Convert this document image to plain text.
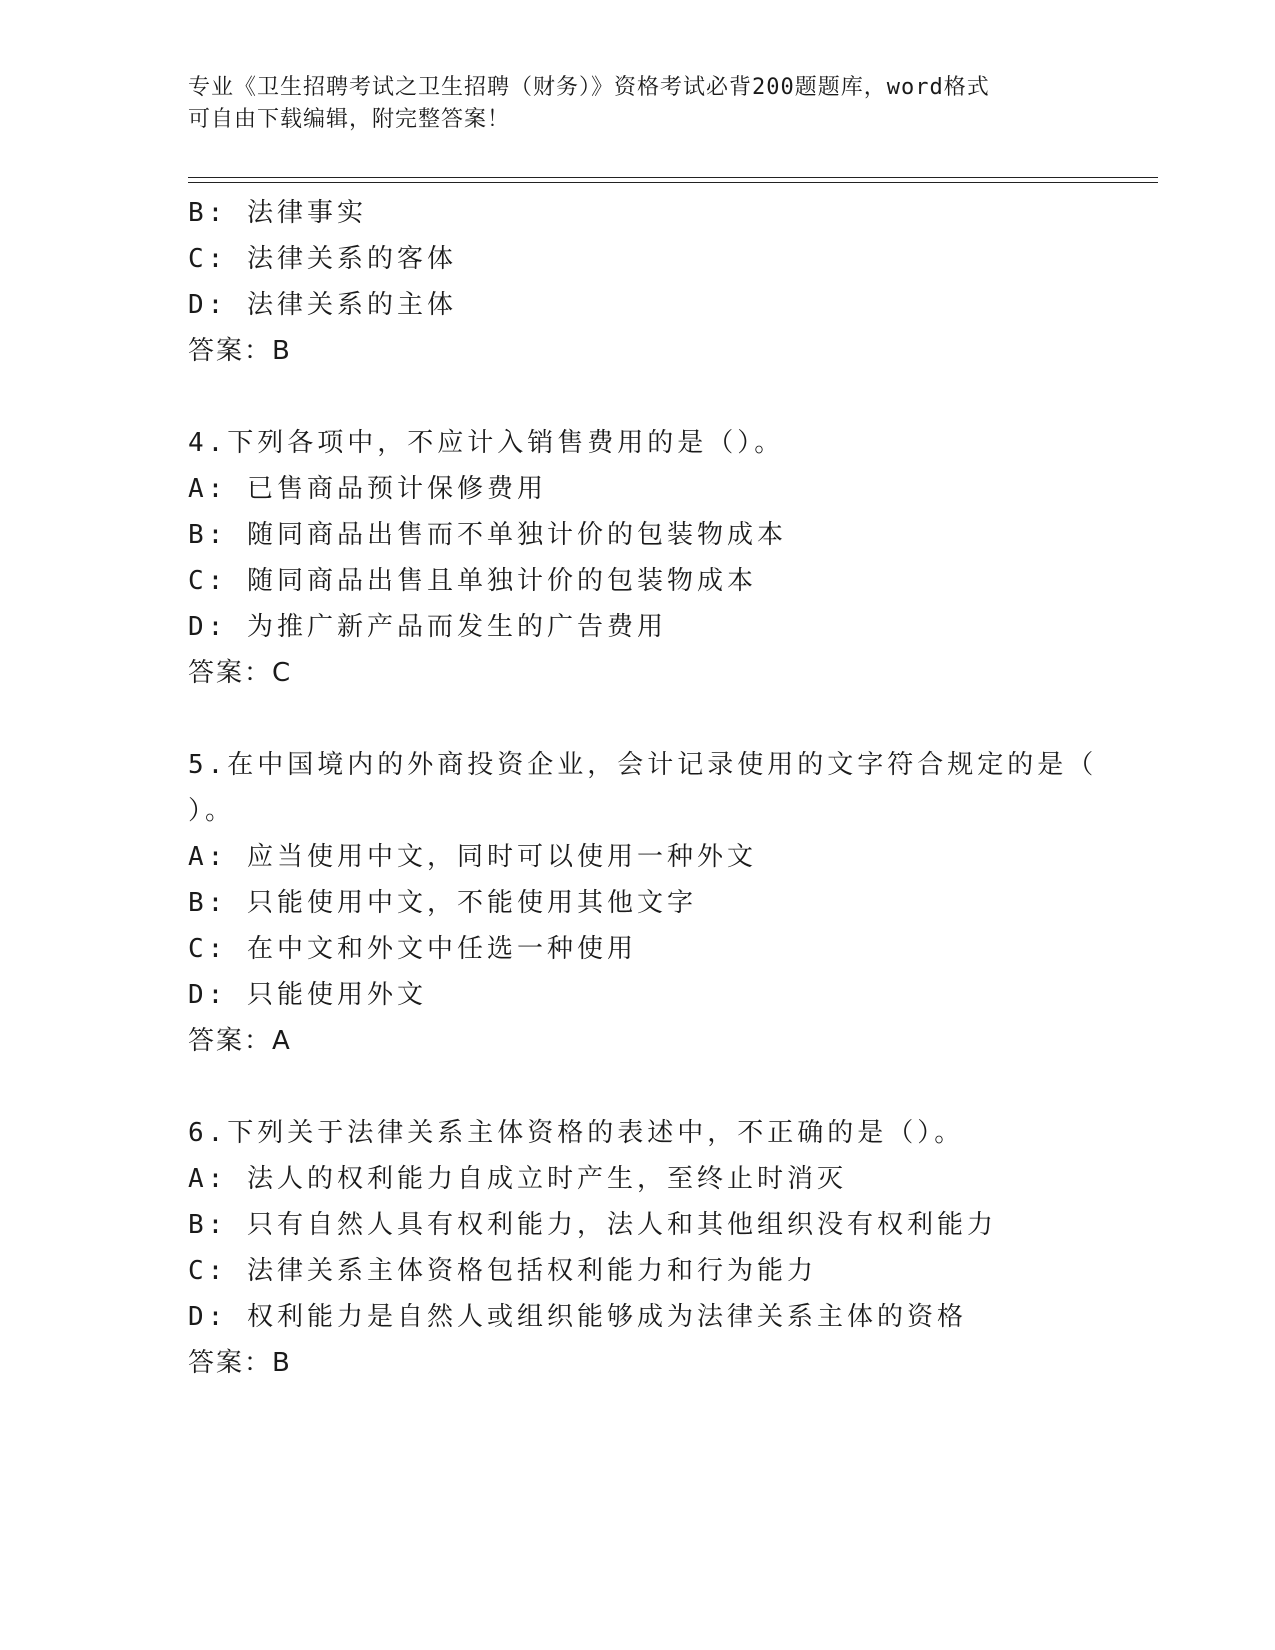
专业《卫生招聘考试之卫生招聘（财务）》资格考试必背200题题库，word格式
可自由下载编辑，附完整答案！
B: 法律事实
C: 法律关系的客体
D: 法律关系的主体
答案：B
4.下列各项中，不应计入销售费用的是（）。
A: 已售商品预计保修费用
B: 随同商品出售而不单独计价的包装物成本
C: 随同商品出售且单独计价的包装物成本
D: 为推广新产品而发生的广告费用
答案：C
5.在中国境内的外商投资企业，会计记录使用的文字符合规定的是（
）。
A: 应当使用中文，同时可以使用一种外文
B: 只能使用中文，不能使用其他文字
C: 在中文和外文中任选一种使用
D: 只能使用外文
答案：A
6.下列关于法律关系主体资格的表述中，不正确的是（）。
A: 法人的权利能力自成立时产生，至终止时消灭
B: 只有自然人具有权利能力，法人和其他组织没有权利能力
C: 法律关系主体资格包括权利能力和行为能力
D: 权利能力是自然人或组织能够成为法律关系主体的资格
答案：B
